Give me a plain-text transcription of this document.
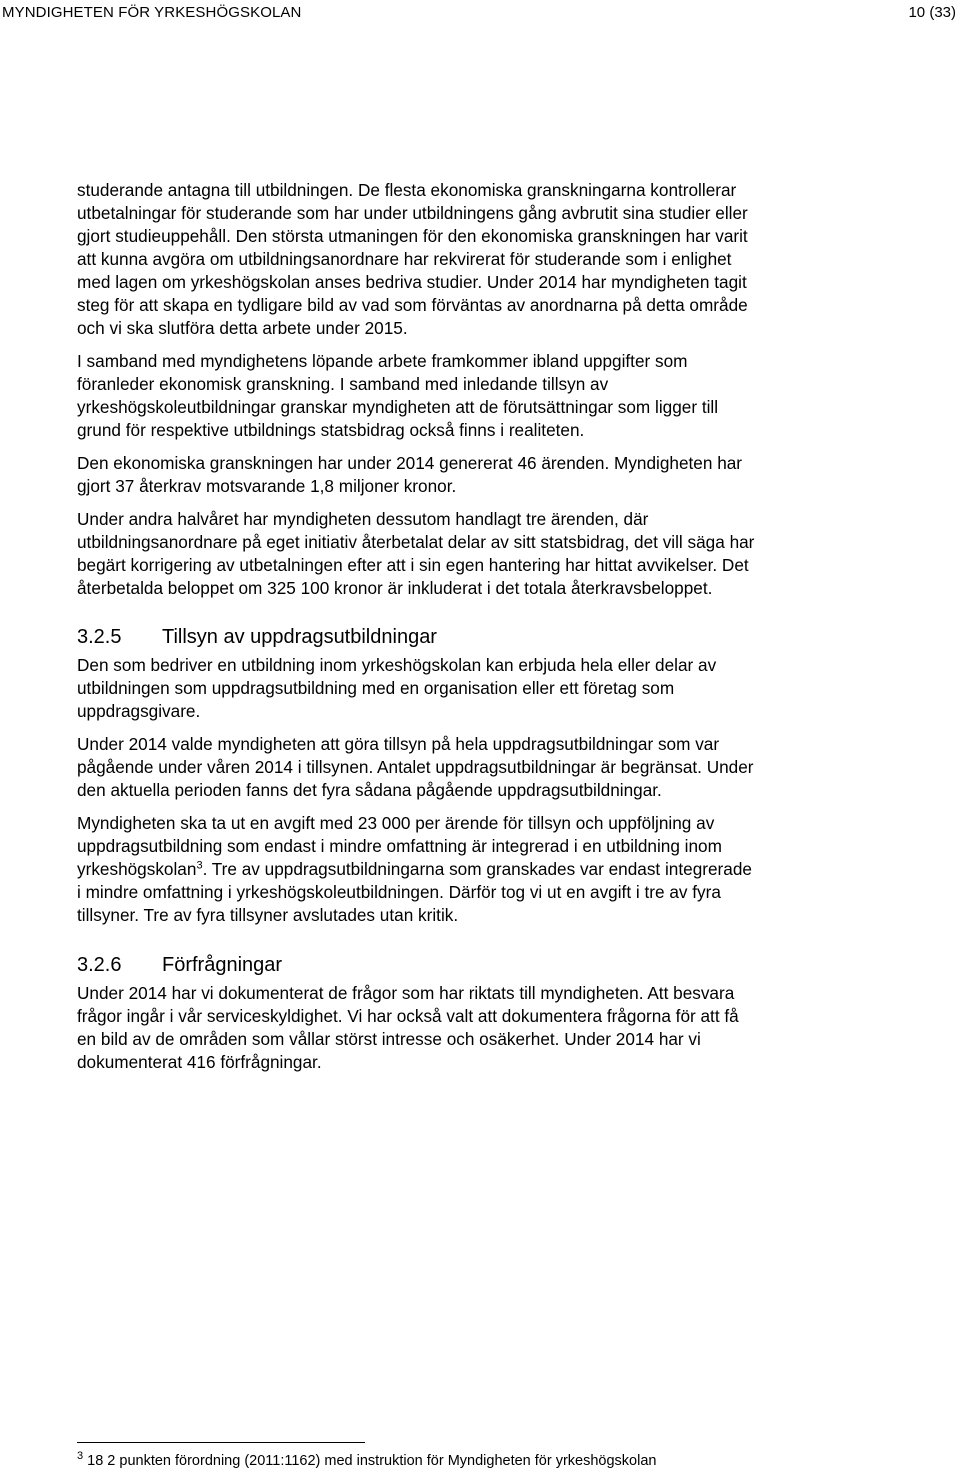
MYNDIGHETEN FÖR YRKESHÖGSKOLAN	10 (33)

studerande antagna till utbildningen. De flesta ekonomiska granskningarna kontrollerar
utbetalningar för studerande som har under utbildningens gång avbrutit sina studier eller
gjort studieuppehåll. Den största utmaningen för den ekonomiska granskningen har varit
att kunna avgöra om utbildningsanordnare har rekvirerat för studerande som i enlighet
med lagen om yrkeshögskolan anses bedriva studier. Under 2014 har myndigheten tagit
steg för att skapa en tydligare bild av vad som förväntas av anordnarna på detta område
och vi ska slutföra detta arbete under 2015.

I samband med myndighetens löpande arbete framkommer ibland uppgifter som
föranleder ekonomisk granskning. I samband med inledande tillsyn av
yrkeshögskoleutbildningar granskar myndigheten att de förutsättningar som ligger till
grund för respektive utbildnings statsbidrag också finns i realiteten.

Den ekonomiska granskningen har under 2014 genererat 46 ärenden. Myndigheten har
gjort 37 återkrav motsvarande 1,8 miljoner kronor.

Under andra halvåret har myndigheten dessutom handlagt tre ärenden, där
utbildningsanordnare på eget initiativ återbetalat delar av sitt statsbidrag, det vill säga har
begärt korrigering av utbetalningen efter att i sin egen hantering har hittat avvikelser. Det
återbetalda beloppet om 325 100 kronor är inkluderat i det totala återkravsbeloppet.

3.2.5	Tillsyn av uppdragsutbildningar

Den som bedriver en utbildning inom yrkeshögskolan kan erbjuda hela eller delar av
utbildningen som uppdragsutbildning med en organisation eller ett företag som
uppdragsgivare.

Under 2014 valde myndigheten att göra tillsyn på hela uppdragsutbildningar som var
pågående under våren 2014 i tillsynen. Antalet uppdragsutbildningar är begränsat. Under
den aktuella perioden fanns det fyra sådana pågående uppdragsutbildningar.

Myndigheten ska ta ut en avgift med 23 000 per ärende för tillsyn och uppföljning av
uppdragsutbildning som endast i mindre omfattning är integrerad i en utbildning inom
yrkeshögskolan$^3$. Tre av uppdragsutbildningarna som granskades var endast integrerade
i mindre omfattning i yrkeshögskoleutbildningen. Därför tog vi ut en avgift i tre av fyra
tillsyner. Tre av fyra tillsyner avslutades utan kritik.

3.2.6	Förfrågningar

Under 2014 har vi dokumenterat de frågor som har riktats till myndigheten. Att besvara
frågor ingår i vår serviceskyldighet. Vi har också valt att dokumentera frågorna för att få
en bild av de områden som vållar störst intresse och osäkerhet. Under 2014 har vi
dokumenterat 416 förfrågningar.

$^3$ 18 2 punkten förordning (2011:1162) med instruktion för Myndigheten för yrkeshögskolan
